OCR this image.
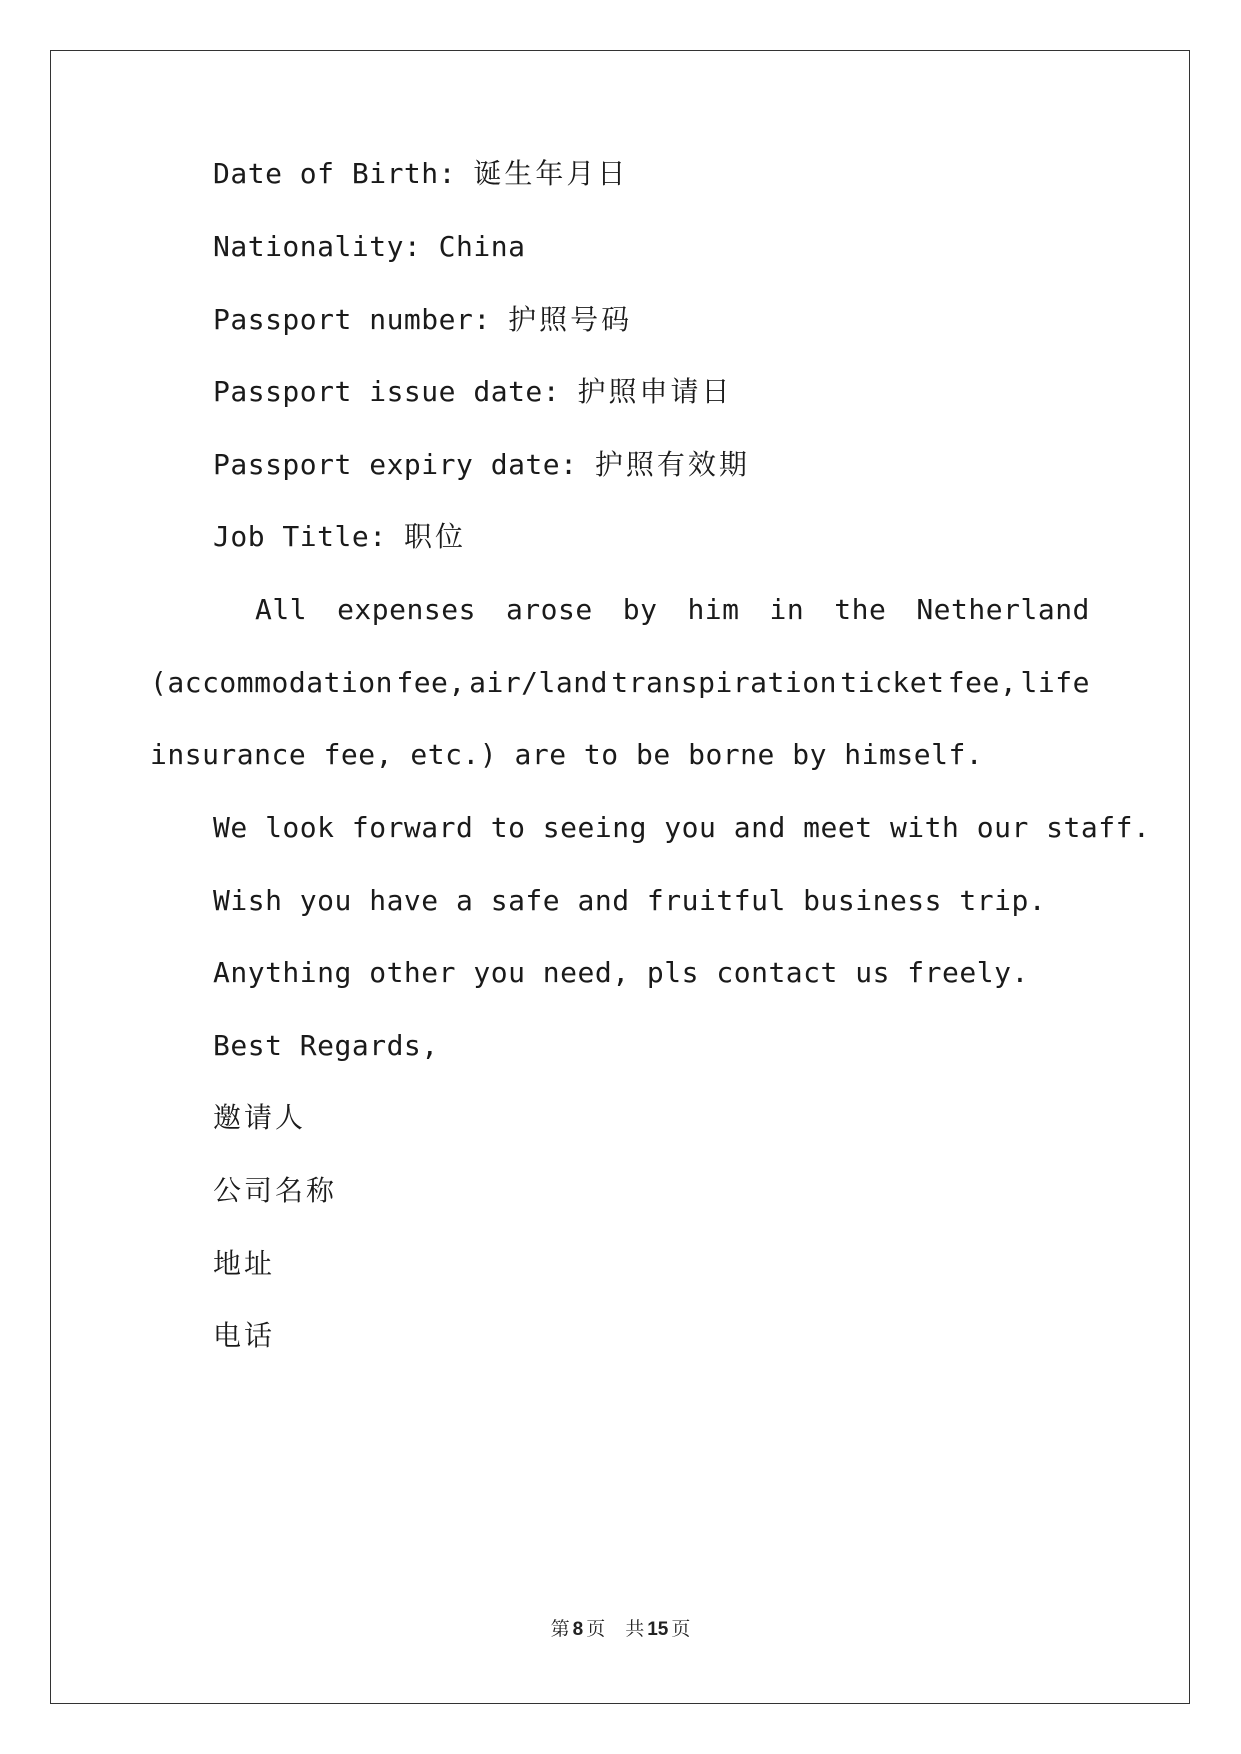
Date of Birth: 诞生年月日
Nationality: China
Passport number: 护照号码
Passport issue date: 护照申请日
Passport expiry date: 护照有效期
Job Title: 职位
All expenses arose by him in the Netherland
(accommodation fee, air/land transpiration ticket fee, life
insurance fee, etc.) are to be borne by himself.
We look forward to seeing you and meet with our staff.
Wish you have a safe and fruitful business trip.
Anything other you need, pls contact us freely.
Best Regards,
邀请人
公司名称
地址
电话
第 8 页 共 15 页
